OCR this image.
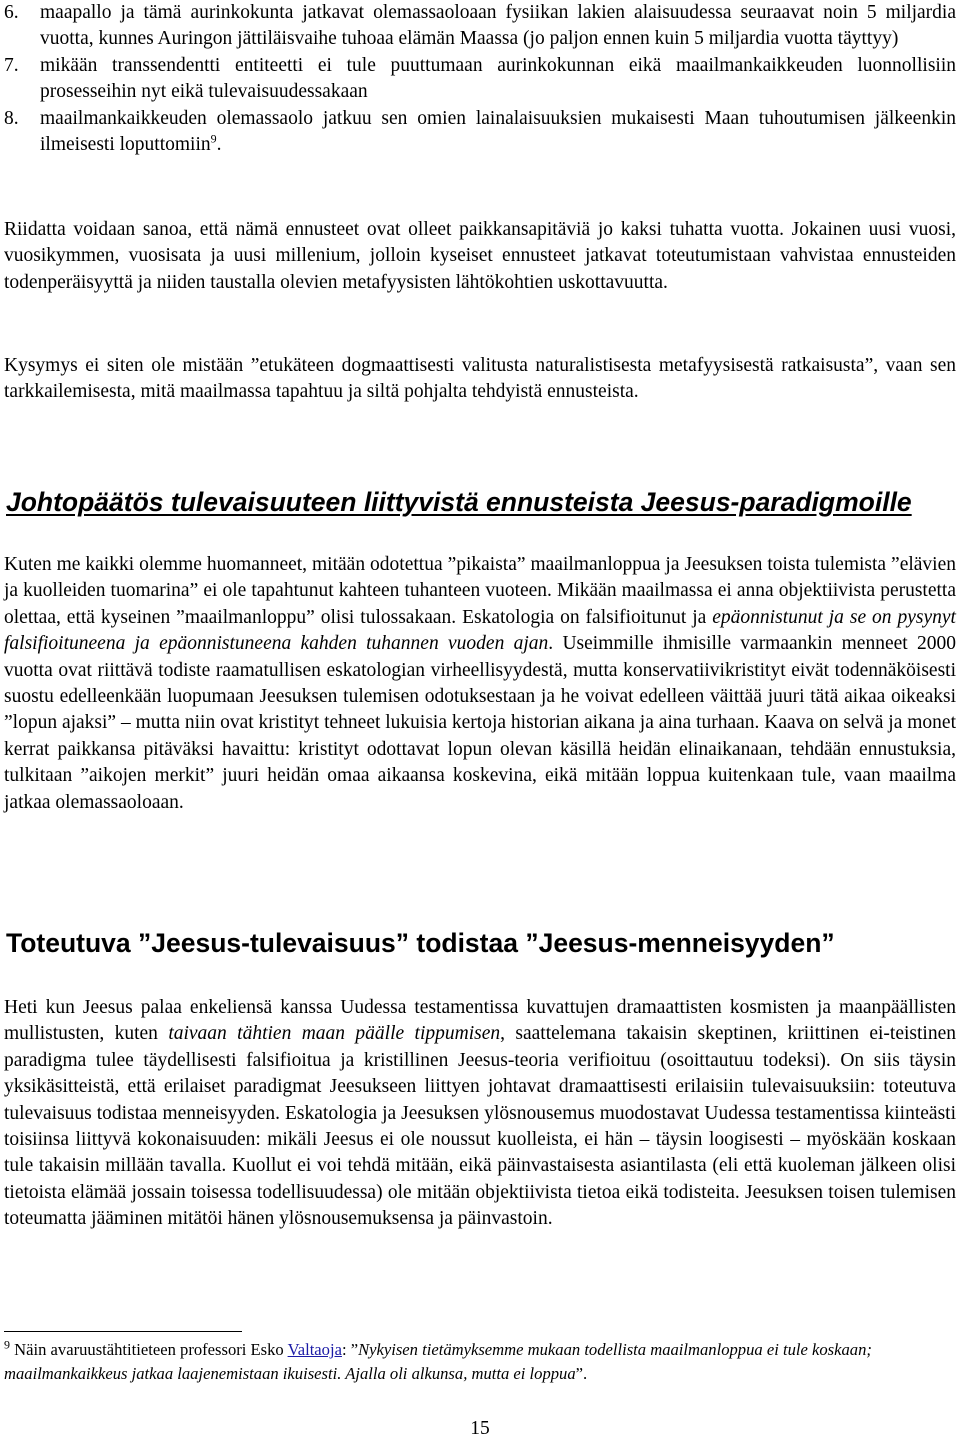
6. maapallo ja tämä aurinkokunta jatkavat olemassaoloaan fysiikan lakien alaisuudessa seuraavat noin 5 miljardia vuotta, kunnes Auringon jättiläisvaihe tuhoaa elämän Maassa (jo paljon ennen kuin 5 miljardia vuotta täyttyy)
7. mikään transsendentti entiteetti ei tule puuttumaan aurinkokunnan eikä maailmankaikkeuden luonnollisiin prosesseihin nyt eikä tulevaisuudessakaan
8. maailmankaikkeuden olemassaolo jatkuu sen omien lainalaisuuksien mukaisesti Maan tuhoutumisen jälkeenkin ilmeisesti loputtomiin$^9$.

Riidatta voidaan sanoa, että nämä ennusteet ovat olleet paikkansapitäviä jo kaksi tuhatta vuotta. Jokainen uusi vuosi, vuosikymmen, vuosisata ja uusi millenium, jolloin kyseiset ennusteet jatkavat toteutumistaan vahvistaa ennusteiden todenperäisyyttä ja niiden taustalla olevien metafyysisten lähtökohtien uskottavuutta.

Kysymys ei siten ole mistään ”etukäteen dogmaattisesti valitusta naturalistisesta metafyysisestä ratkaisusta”, vaan sen tarkkailemisesta, mitä maailmassa tapahtuu ja siltä pohjalta tehdyistä ennusteista.

Johtopäätös tulevaisuuteen liittyvistä ennusteista Jeesus-paradigmoille

Kuten me kaikki olemme huomanneet, mitään odotettua ”pikaista” maailmanloppua ja Jeesuksen toista tulemista ”elävien ja kuolleiden tuomarina” ei ole tapahtunut kahteen tuhanteen vuoteen. Mikään maailmassa ei anna objektiivista perustetta olettaa, että kyseinen ”maailmanloppu” olisi tulossakaan. Eskatologia on falsifioitunut ja epäonnistunut ja se on pysynyt falsifioituneena ja epäonnistuneena kahden tuhannen vuoden ajan. Useimmille ihmisille varmaankin menneet 2000 vuotta ovat riittävä todiste raamatullisen eskatologian virheellisyydestä, mutta konservatiivikristityt eivät todennäköisesti suostu edelleenkään luopumaan Jeesuksen tulemisen odotuksestaan ja he voivat edelleen väittää juuri tätä aikaa oikeaksi ”lopun ajaksi” – mutta niin ovat kristityt tehneet lukuisia kertoja historian aikana ja aina turhaan. Kaava on selvä ja monet kerrat paikkansa pitäväksi havaittu: kristityt odottavat lopun olevan käsillä heidän elinaikanaan, tehdään ennustuksia, tulkitaan ”aikojen merkit” juuri heidän omaa aikaansa koskevina, eikä mitään loppua kuitenkaan tule, vaan maailma jatkaa olemassaoloaan.

Toteutuva ”Jeesus-tulevaisuus” todistaa ”Jeesus-menneisyyden”

Heti kun Jeesus palaa enkeliensä kanssa Uudessa testamentissa kuvattujen dramaattisten kosmisten ja maanpäällisten mullistusten, kuten taivaan tähtien maan päälle tippumisen, saattelemana takaisin skeptinen, kriittinen ei-teistinen paradigma tulee täydellisesti falsifioitua ja kristillinen Jeesus-teoria verifioituu (osoittautuu todeksi). On siis täysin yksikäsitteistä, että erilaiset paradigmat Jeesukseen liittyen johtavat dramaattisesti erilaisiin tulevaisuuksiin: toteutuva tulevaisuus todistaa menneisyyden. Eskatologia ja Jeesuksen ylösnousemus muodostavat Uudessa testamentissa kiinteästi toisiinsa liittyvä kokonaisuuden: mikäli Jeesus ei ole noussut kuolleista, ei hän – täysin loogisesti – myöskään koskaan tule takaisin millään tavalla. Kuollut ei voi tehdä mitään, eikä päinvastaisesta asiantilasta (eli että kuoleman jälkeen olisi tietoista elämää jossain toisessa todellisuudessa) ole mitään objektiivista tietoa eikä todisteita. Jeesuksen toisen tulemisen toteumatta jääminen mitätöi hänen ylösnousemuksensa ja päinvastoin.

$^9$ Näin avaruustähtitieteen professori Esko Valtaoja: ”Nykyisen tietämyksemme mukaan todellista maailmanloppua ei tule koskaan; maailmankaikkeus jatkaa laajenemistaan ikuisesti. Ajalla oli alkunsa, mutta ei loppua”.

15
